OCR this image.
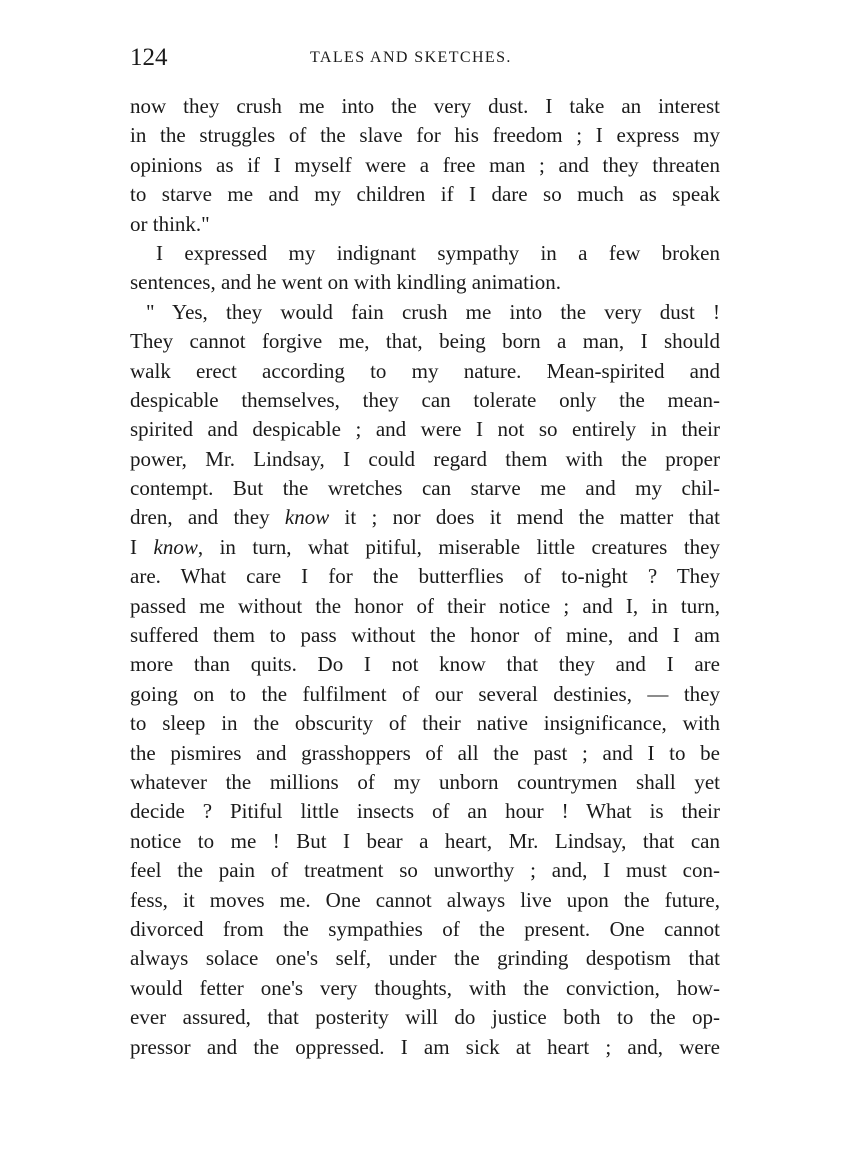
124	TALES AND SKETCHES.
now they crush me into the very dust. I take an interest
in the struggles of the slave for his freedom ; I express my
opinions as if I myself were a free man ; and they threaten
to starve me and my children if I dare so much as speak
or think."
I expressed my indignant sympathy in a few broken
sentences, and he went on with kindling animation.
" Yes, they would fain crush me into the very dust !
They cannot forgive me, that, being born a man, I should
walk erect according to my nature. Mean-spirited and
despicable themselves, they can tolerate only the mean-
spirited and despicable ; and were I not so entirely in their
power, Mr. Lindsay, I could regard them with the proper
contempt. But the wretches can starve me and my chil-
dren, and they know it ; nor does it mend the matter that
I know, in turn, what pitiful, miserable little creatures they
are. What care I for the butterflies of to-night ? They
passed me without the honor of their notice ; and I, in turn,
suffered them to pass without the honor of mine, and I am
more than quits. Do I not know that they and I are
going on to the fulfilment of our several destinies, — they
to sleep in the obscurity of their native insignificance, with
the pismires and grasshoppers of all the past ; and I to be
whatever the millions of my unborn countrymen shall yet
decide ? Pitiful little insects of an hour ! What is their
notice to me ! But I bear a heart, Mr. Lindsay, that can
feel the pain of treatment so unworthy ; and, I must con-
fess, it moves me. One cannot always live upon the future,
divorced from the sympathies of the present. One cannot
always solace one's self, under the grinding despotism that
would fetter one's very thoughts, with the conviction, how-
ever assured, that posterity will do justice both to the op-
pressor and the oppressed. I am sick at heart ; and, were
